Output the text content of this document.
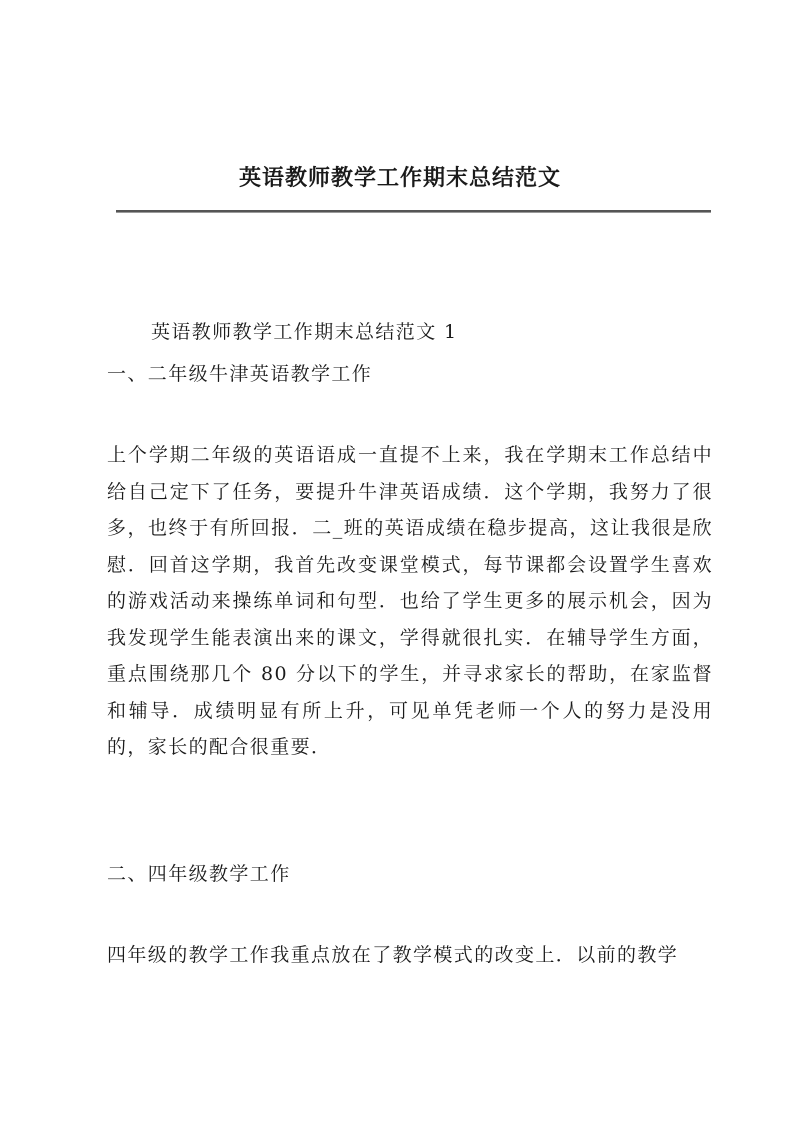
英语教师教学工作期末总结范文

英语教师教学工作期末总结范文 1

一、二年级牛津英语教学工作

上个学期二年级的英语语成一直提不上来，我在学期末工作总结中给自己定下了任务，要提升牛津英语成绩．这个学期，我努力了很多，也终于有所回报．二_班的英语成绩在稳步提高，这让我很是欣慰．回首这学期，我首先改变课堂模式，每节课都会设置学生喜欢的游戏活动来操练单词和句型．也给了学生更多的展示机会，因为我发现学生能表演出来的课文，学得就很扎实．在辅导学生方面，重点围绕那几个 80 分以下的学生，并寻求家长的帮助，在家监督和辅导．成绩明显有所上升，可见单凭老师一个人的努力是没用的，家长的配合很重要．

二、四年级教学工作

四年级的教学工作我重点放在了教学模式的改变上．以前的教学
